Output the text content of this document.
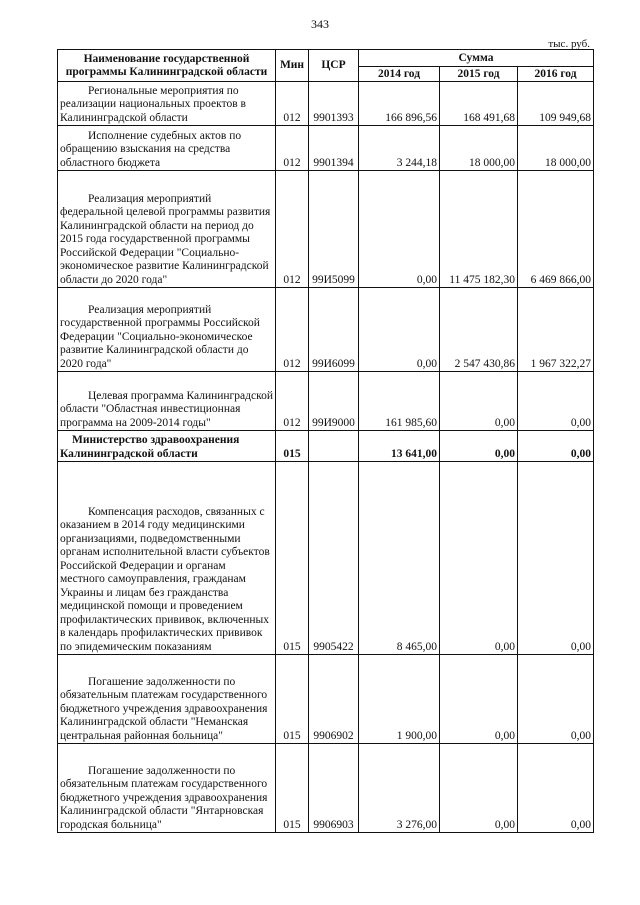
343
тыс. руб.
Наименование государственной программы Калининградской области	Мин	ЦСР	Сумма		
			2014 год	2015 год	2016 год
Региональные мероприятия по реализации национальных проектов в Калининградской области	012	9901393	166 896,56	168 491,68	109 949,68
Исполнение судебных актов по обращению взыскания на средства областного бюджета	012	9901394	3 244,18	18 000,00	18 000,00
Реализация мероприятий федеральной целевой программы развития Калининградской области на период до 2015 года государственной программы Российской Федерации "Социально-экономическое развитие Калининградской области до 2020 года"	012	99И5099	0,00	11 475 182,30	6 469 866,00
Реализация мероприятий государственной программы Российской Федерации "Социально-экономическое развитие Калининградской области до 2020 года"	012	99И6099	0,00	2 547 430,86	1 967 322,27
Целевая программа Калининградской области "Областная инвестиционная программа на 2009-2014 годы"	012	99И9000	161 985,60	0,00	0,00
Министерство здравоохранения Калининградской области	015		13 641,00	0,00	0,00
Компенсация расходов, связанных с оказанием в 2014 году медицинскими организациями, подведомственными органам исполнительной власти субъектов Российской Федерации и органам местного самоуправления, гражданам Украины и лицам без гражданства медицинской помощи и проведением профилактических прививок, включенных в календарь профилактических прививок по эпидемическим показаниям	015	9905422	8 465,00	0,00	0,00
Погашение задолженности по обязательным платежам государственного бюджетного учреждения здравоохранения Калининградской области "Неманская центральная районная больница"	015	9906902	1 900,00	0,00	0,00
Погашение задолженности по обязательным платежам государственного бюджетного учреждения здравоохранения Калининградской области "Янтарновская городская больница"	015	9906903	3 276,00	0,00	0,00
